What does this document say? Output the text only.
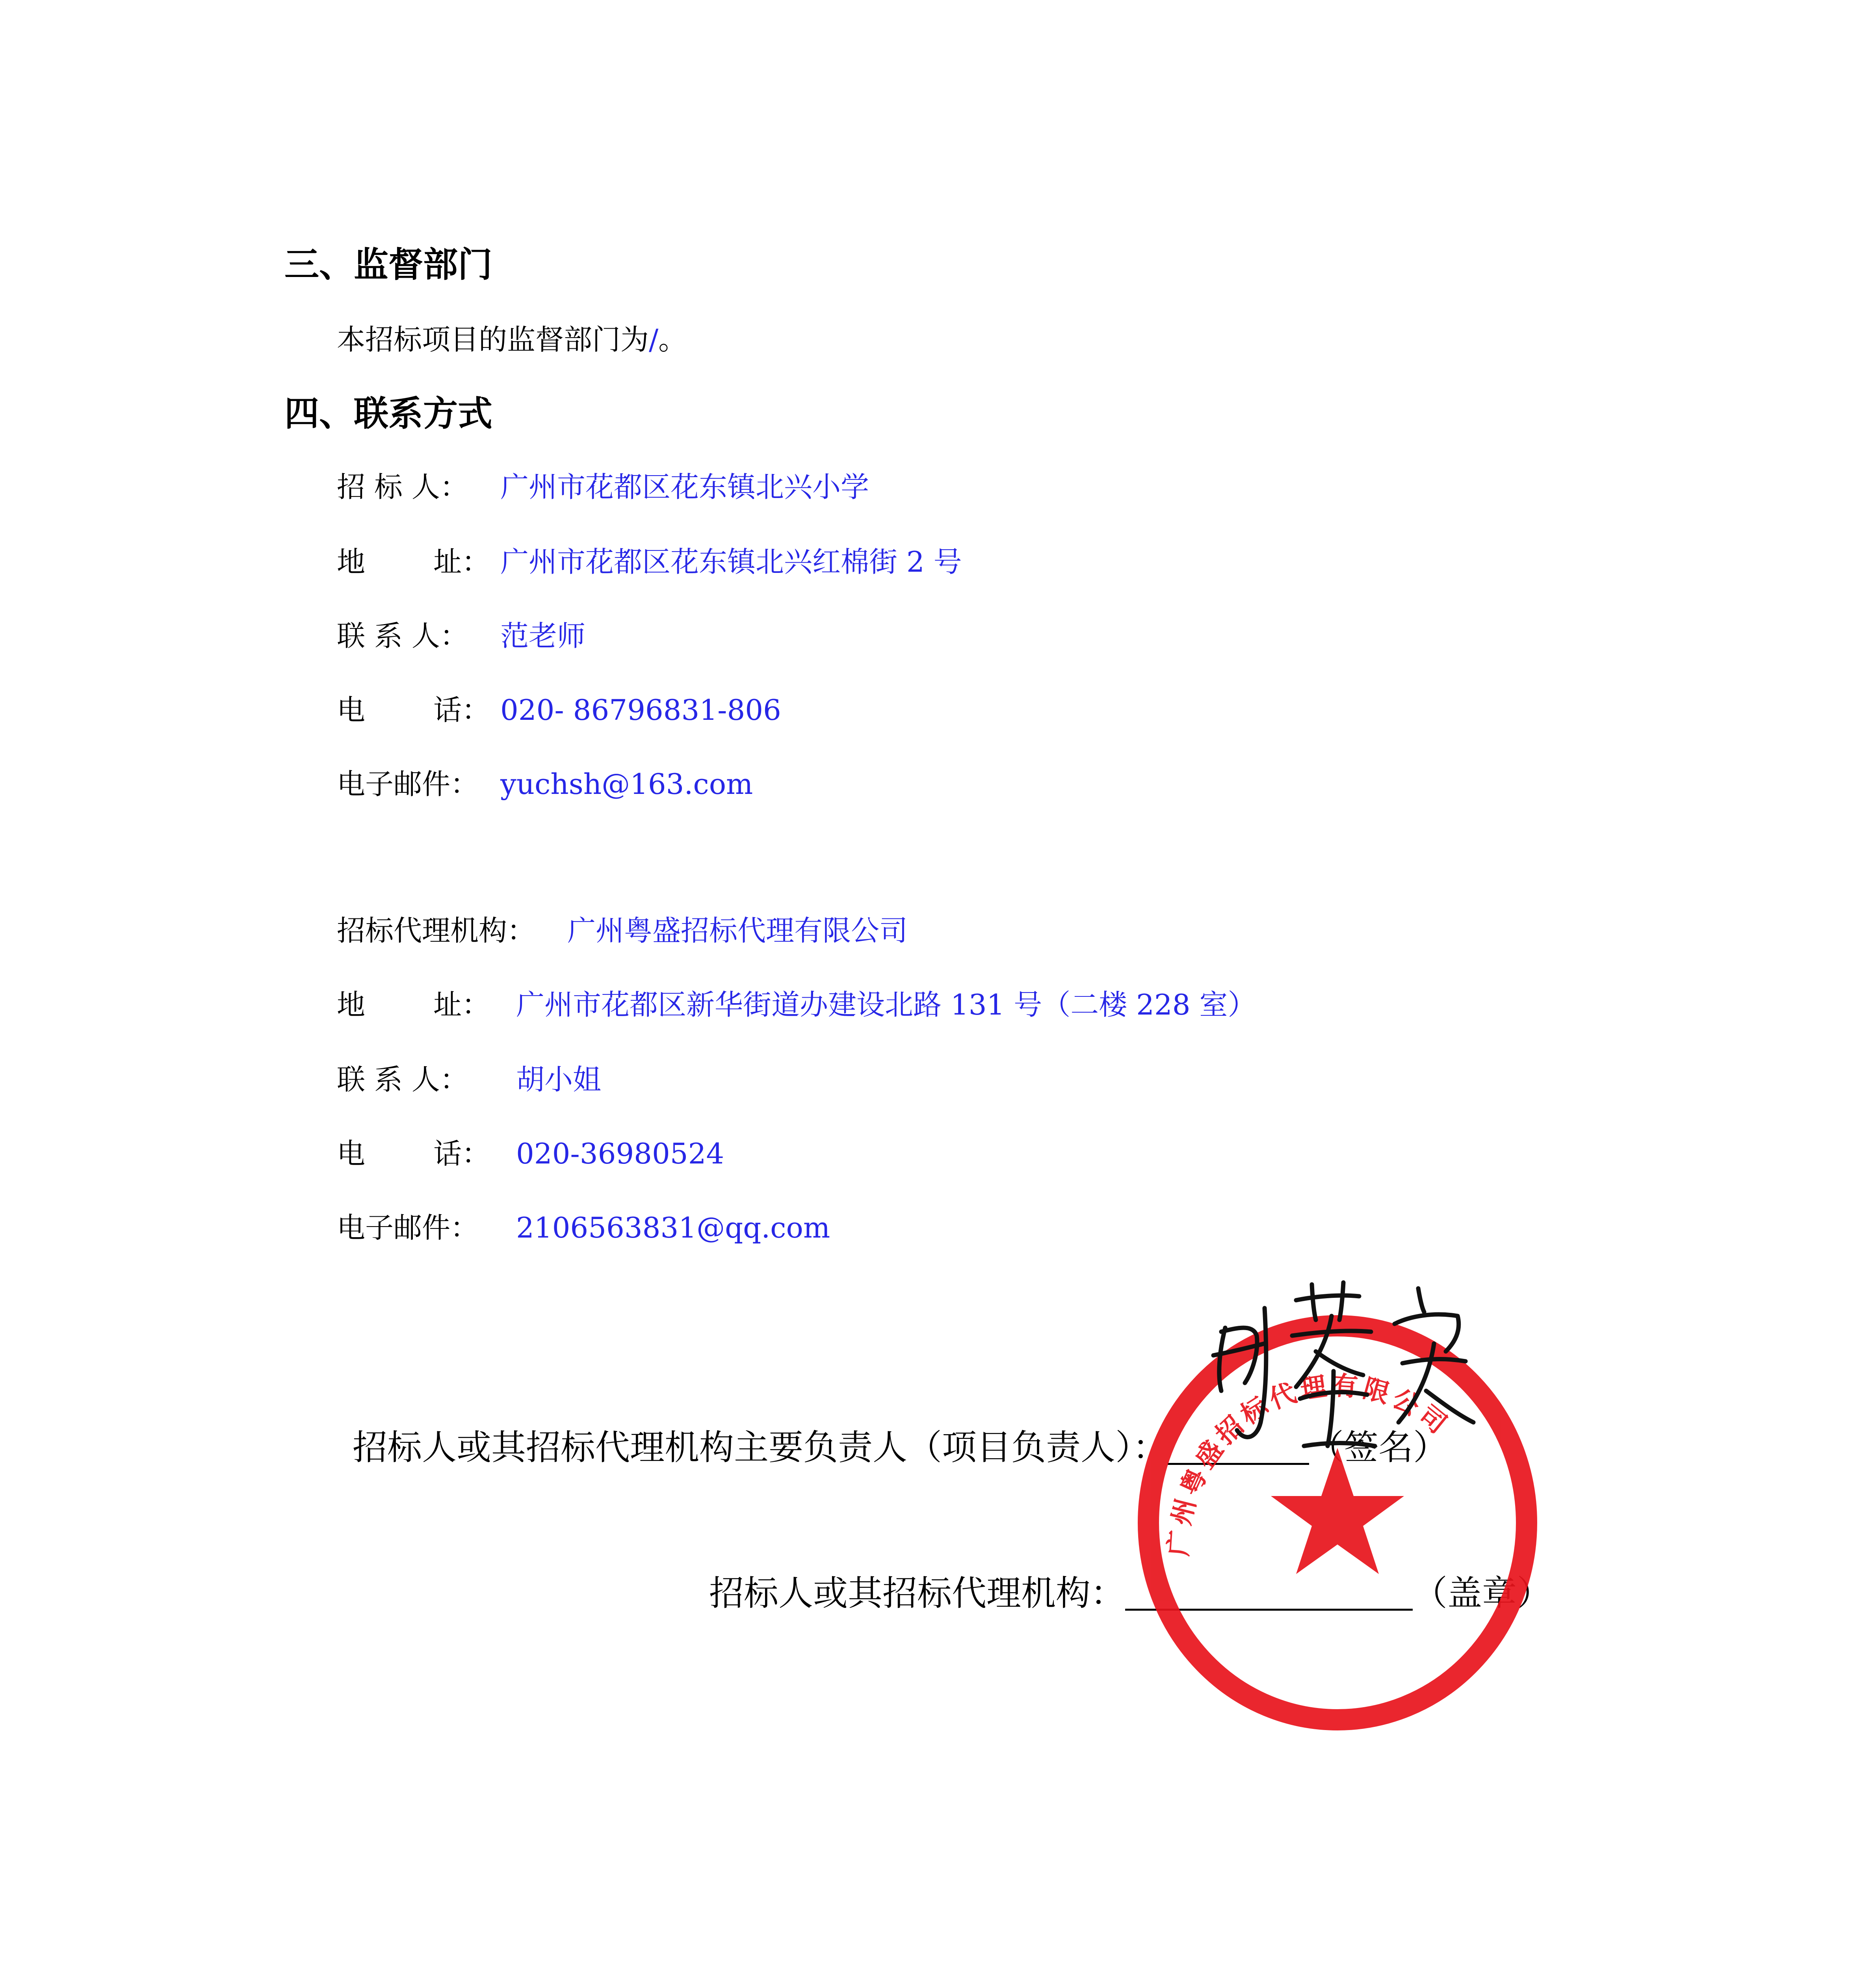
三、监督部门
本招标项目的监督部门为/。
四、联系方式
招 标 人： 广州市花都区花东镇北兴小学
地 址： 广州市花都区花东镇北兴红棉街 2 号
联 系 人： 范老师
电 话： 020- 86796831-806
电子邮件： yuchsh@163.com
招标代理机构： 广州粤盛招标代理有限公司
地 址： 广州市花都区新华街道办建设北路 131 号（二楼 228 室）
联 系 人： 胡小姐
电 话： 020-36980524
电子邮件： 2106563831@qq.com
招标人或其招标代理机构主要负责人（项目负责人）：	（签名）
招标人或其招标代理机构：	（盖章）
广州粤盛招标代理有限公司
